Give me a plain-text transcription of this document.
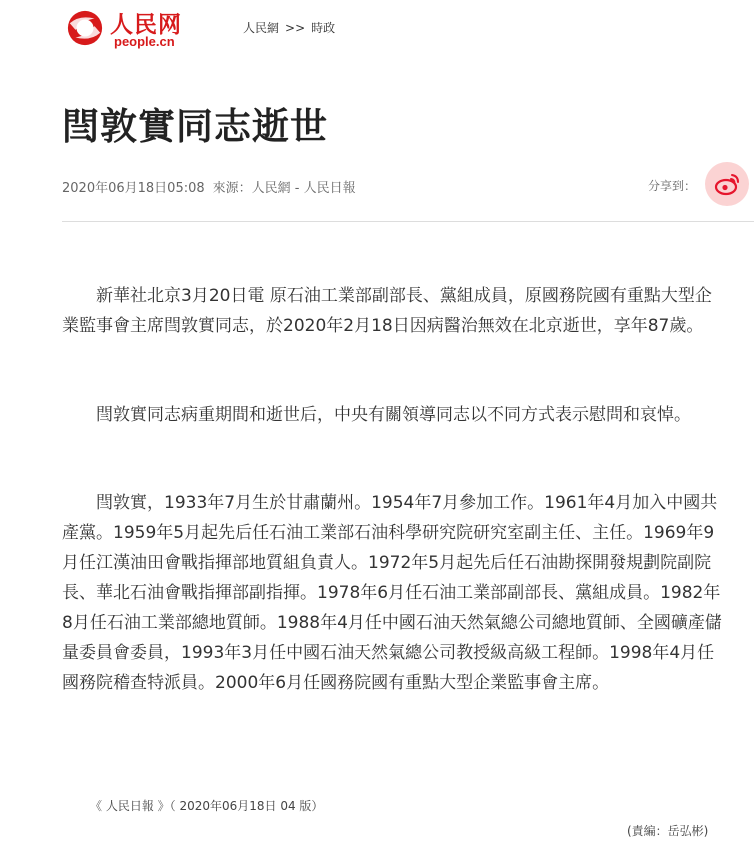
人民网
people.cn
人民網 >> 時政
閆敦實同志逝世
2020年06月18日05:08 來源：人民網 - 人民日報	分享到：

新華社北京3月20日電 原石油工業部副部長、黨組成員，原國務院國有重點大型企業監事會主席閆敦實同志，於2020年2月18日因病醫治無效在北京逝世，享年87歲。

閆敦實同志病重期間和逝世后，中央有關領導同志以不同方式表示慰問和哀悼。

閆敦實，1933年7月生於甘肅蘭州。1954年7月參加工作。1961年4月加入中國共產黨。1959年5月起先后任石油工業部石油科學研究院研究室副主任、主任。1969年9月任江漢油田會戰指揮部地質組負責人。1972年5月起先后任石油勘探開發規劃院副院長、華北石油會戰指揮部副指揮。1978年6月任石油工業部副部長、黨組成員。1982年8月任石油工業部總地質師。1988年4月任中國石油天然氣總公司總地質師、全國礦產儲量委員會委員，1993年3月任中國石油天然氣總公司教授級高級工程師。1998年4月任國務院稽查特派員。2000年6月任國務院國有重點大型企業監事會主席。

《 人民日報 》（ 2020年06月18日 04 版）
(責編：岳弘彬)
